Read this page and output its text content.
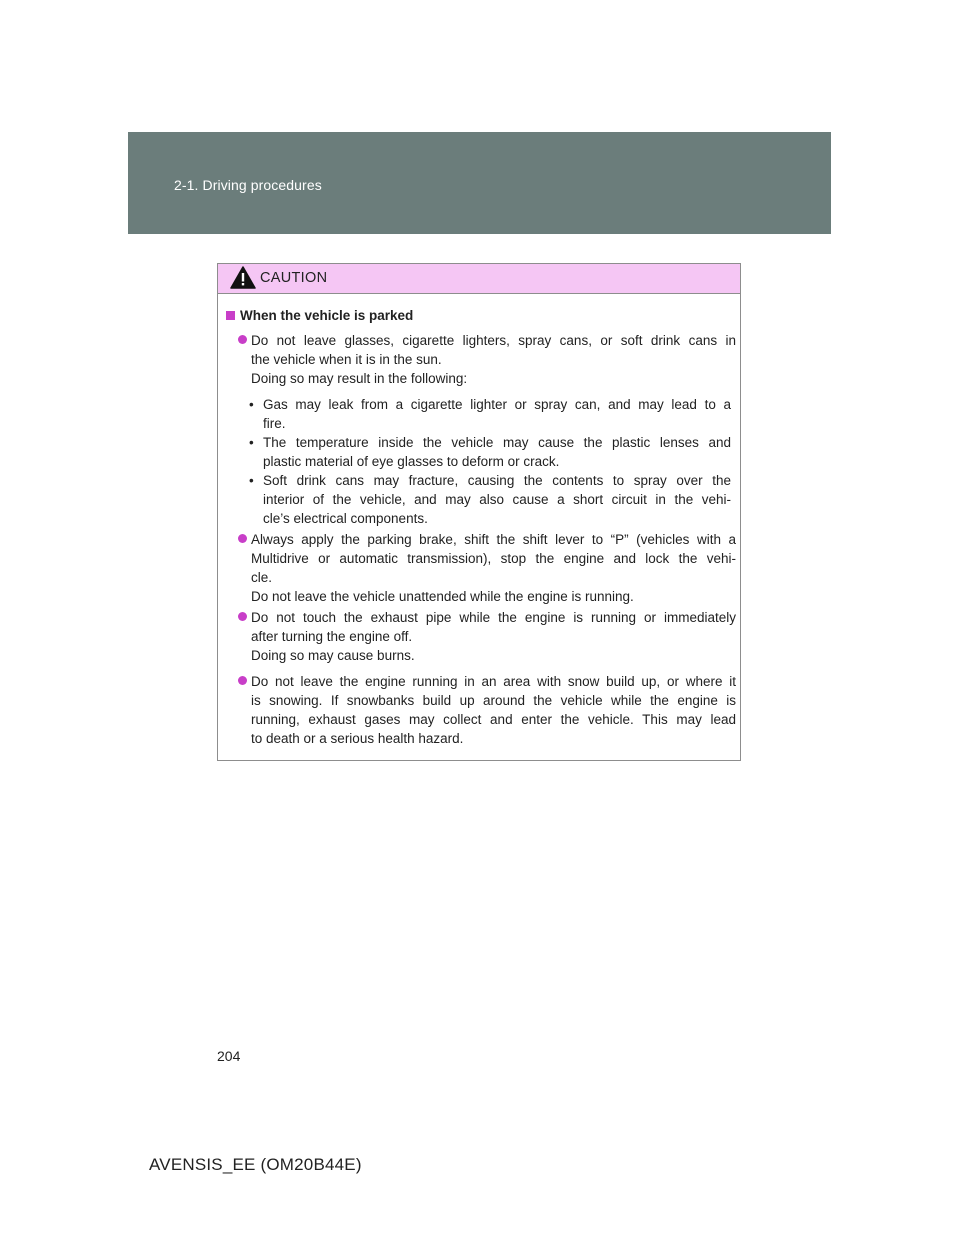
2-1. Driving procedures
CAUTION
When the vehicle is parked
Do not leave glasses, cigarette lighters, spray cans, or soft drink cans in
the vehicle when it is in the sun.
Doing so may result in the following:
• Gas may leak from a cigarette lighter or spray can, and may lead to a
fire.
• The temperature inside the vehicle may cause the plastic lenses and
plastic material of eye glasses to deform or crack.
• Soft drink cans may fracture, causing the contents to spray over the
interior of the vehicle, and may also cause a short circuit in the vehi-
cle’s electrical components.
Always apply the parking brake, shift the shift lever to “P” (vehicles with a
Multidrive or automatic transmission), stop the engine and lock the vehi-
cle.
Do not leave the vehicle unattended while the engine is running.
Do not touch the exhaust pipe while the engine is running or immediately
after turning the engine off.
Doing so may cause burns.
Do not leave the engine running in an area with snow build up, or where it
is snowing. If snowbanks build up around the vehicle while the engine is
running, exhaust gases may collect and enter the vehicle. This may lead
to death or a serious health hazard.
204
AVENSIS_EE (OM20B44E)
